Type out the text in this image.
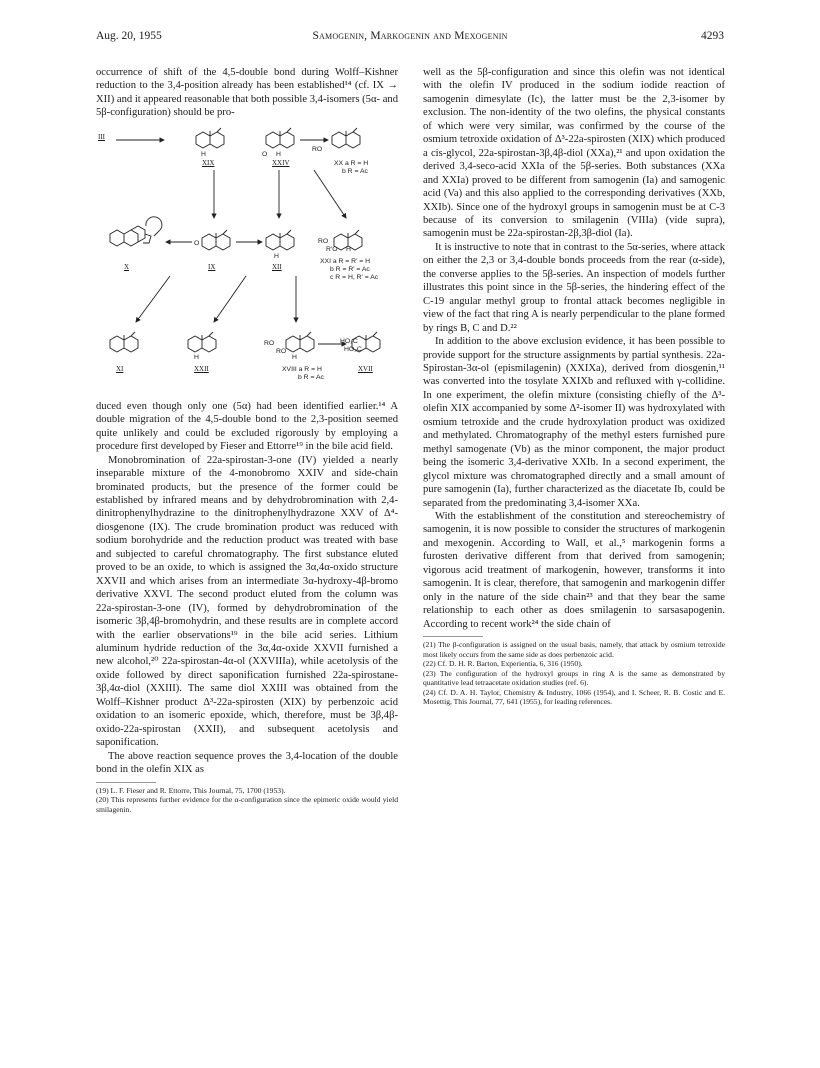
Aug. 20, 1955	Samogenin, Markogenin and Mexogenin	4293

occurrence of shift of the 4,5-double bond during Wolff–Kishner reduction to the 3,4-position already has been established¹⁴ (cf. IX → XII) and it appeared reasonable that both possible 3,4-isomers (5α- and 5β-configuration) should be pro-

III
H	O H
RO
XIX	XXIV	XX a R = H
b R = Ac
O
H
RO
R'O H
X	IX	XII
XXI a R = R' = H
b R = R' = Ac
c R = H, R' = Ac
H
RO
RO
H
HO₂C
HO₂C
XI	XXII	XVIII a R = H
b R = Ac
XVII

duced even though only one (5α) had been identified earlier.¹⁴ A double migration of the 4,5-double bond to the 2,3-position seemed quite unlikely and could be excluded rigorously by employing a procedure first developed by Fieser and Ettorre¹⁹ in the bile acid field.

Monobromination of 22a-spirostan-3-one (IV) yielded a nearly inseparable mixture of the 4-monobromo XXIV and side-chain brominated products, but the presence of the former could be established by infrared means and by dehydrobromination with 2,4-dinitrophenylhydrazine to the dinitrophenylhydrazone XXV of Δ⁴-diosgenone (IX). The crude bromination product was reduced with sodium borohydride and the reduction product was treated with base and subjected to careful chromatography. The first substance eluted proved to be an oxide, to which is assigned the 3α,4α-oxido structure XXVII and which arises from an intermediate 3α-hydroxy-4β-bromo derivative XXVI. The second product eluted from the column was 22a-spirostan-3-one (IV), formed by dehydrobromination of the isomeric 3β,4β-bromohydrin, and these results are in complete accord with the earlier observations¹⁹ in the bile acid series. Lithium aluminum hydride reduction of the 3α,4α-oxide XXVII furnished a new alcohol,²⁰ 22a-spirostan-4α-ol (XXVIIIa), while acetolysis of the oxide followed by direct saponification furnished 22a-spirostane-3β,4α-diol (XXIII). The same diol XXIII was obtained from the Wolff–Kishner product Δ³-22a-spirosten (XIX) by perbenzoic acid oxidation to an isomeric epoxide, which, therefore, must be 3β,4β-oxido-22a-spirostan (XXII), and subsequent acetolysis and saponification.

The above reaction sequence proves the 3,4-location of the double bond in the olefin XIX as

(19) L. F. Fieser and R. Ettorre, This Journal, 75, 1700 (1953).

(20) This represents further evidence for the α-configuration since the epimeric oxide would yield smilagenin.

well as the 5β-configuration and since this olefin was not identical with the olefin IV produced in the sodium iodide reaction of samogenin dimesylate (Ic), the latter must be the 2,3-isomer by exclusion. The non-identity of the two olefins, the physical constants of which were very similar, was confirmed by the course of the osmium tetroxide oxidation of Δ³-22a-spirosten (XIX) which produced a cis-glycol, 22a-spirostan-3β,4β-diol (XXa),²¹ and upon oxidation the derived 3,4-seco-acid XXIa of the 5β-series. Both substances (XXa and XXIa) proved to be different from samogenin (Ia) and samogenic acid (Va) and this also applied to the corresponding derivatives (XXb, XXIb). Since one of the hydroxyl groups in samogenin must be at C-3 because of its conversion to smilagenin (VIIIa) (vide supra), samogenin must be 22a-spirostan-2β,3β-diol (Ia).

It is instructive to note that in contrast to the 5α-series, where attack on either the 2,3 or 3,4-double bonds proceeds from the rear (α-side), the converse applies to the 5β-series. An inspection of models further illustrates this point since in the 5β-series, the hindering effect of the C-19 angular methyl group to frontal attack becomes negligible in view of the fact that ring A is nearly perpendicular to the plane formed by rings B, C and D.²²

In addition to the above exclusion evidence, it has been possible to provide support for the structure assignments by partial synthesis. 22a-Spirostan-3α-ol (epismilagenin) (XXIXa), derived from diosgenin,¹¹ was converted into the tosylate XXIXb and refluxed with γ-collidine. In one experiment, the olefin mixture (consisting chiefly of the Δ³-olefin XIX accompanied by some Δ²-isomer II) was hydroxylated with osmium tetroxide and the crude hydroxylation product was oxidized and methylated. Chromatography of the methyl esters furnished pure methyl samogenate (Vb) as the minor component, the major product being the isomeric 3,4-derivative XXIb. In a second experiment, the glycol mixture was chromatographed directly and a small amount of pure samogenin (Ia), further characterized as the diacetate Ib, could be separated from the predominating 3,4-isomer XXa.

With the establishment of the constitution and stereochemistry of samogenin, it is now possible to consider the structures of markogenin and mexogenin. According to Wall, et al.,⁵ markogenin forms a furosten derivative different from that derived from samogenin; vigorous acid treatment of markogenin, however, transforms it into samogenin. It is clear, therefore, that samogenin and markogenin differ only in the nature of the side chain²³ and that they bear the same relationship to each other as does smilagenin to sarsasapogenin. According to recent work²⁴ the side chain of

(21) The β-configuration is assigned on the usual basis, namely, that attack by osmium tetroxide most likely occurs from the same side as does perbenzoic acid.

(22) Cf. D. H. R. Barton, Experientia, 6, 316 (1950).

(23) The configuration of the hydroxyl groups in ring A is the same as demonstrated by quantitative lead tetraacetate oxidation studies (ref. 6).

(24) Cf. D. A. H. Taylor, Chemistry & Industry, 1066 (1954), and I. Scheer, R. B. Costic and E. Mosettig, This Journal, 77, 641 (1955), for leading references.
